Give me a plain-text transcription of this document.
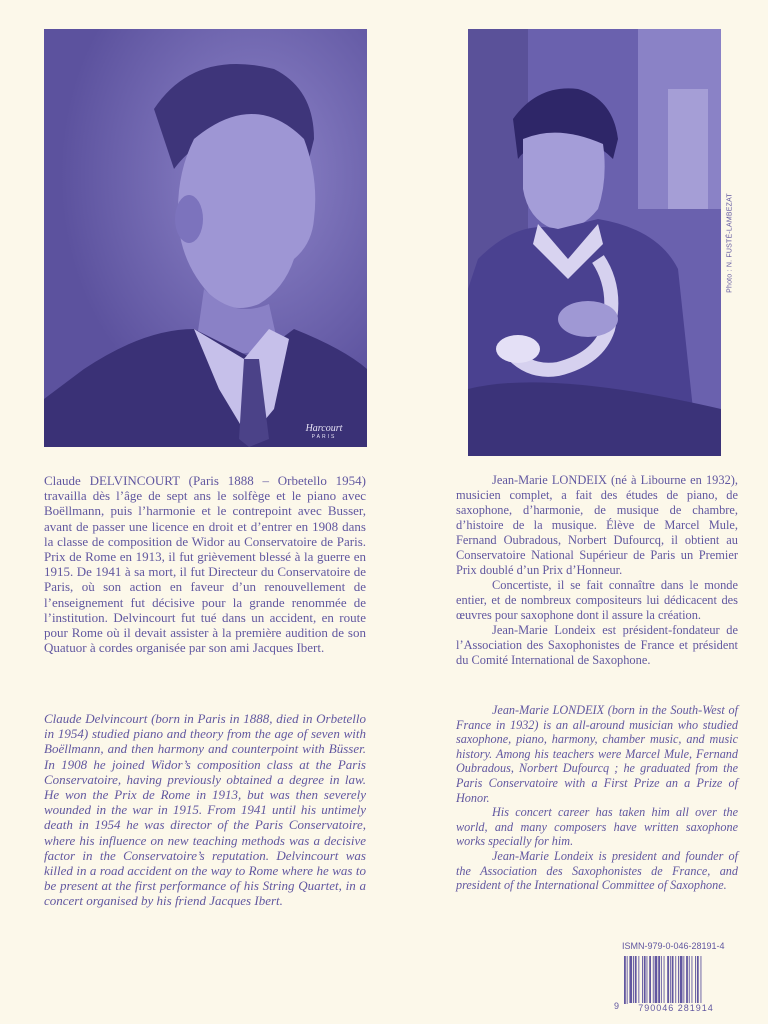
Harcourt
PARIS
Photo : N. FUSTÉ-LAMBEZAT

Claude DELVINCOURT (Paris 1888 – Orbetello 1954) travailla dès l’âge de sept ans le solfège et le piano avec Boëllmann, puis l’harmonie et le contrepoint avec Busser, avant de passer une licence en droit et d’entrer en 1908 dans la classe de composition de Widor au Conservatoire de Paris. Prix de Rome en 1913, il fut grièvement blessé à la guerre en 1915. De 1941 à sa mort, il fut Directeur du Conservatoire de Paris, où son action en faveur d’un renouvellement de l’enseignement fut décisive pour la grande renommée de l’institution. Delvincourt fut tué dans un accident, en route pour Rome où il devait assister à la première audition de son Quatuor à cordes organisée par son ami Jacques Ibert.

Claude Delvincourt (born in Paris in 1888, died in Orbetello in 1954) studied piano and theory from the age of seven with Boëllmann, and then harmony and counterpoint with Büsser. In 1908 he joined Widor’s composition class at the Paris Conservatoire, having previously obtained a degree in law. He won the Prix de Rome in 1913, but was then severely wounded in the war in 1915. From 1941 until his untimely death in 1954 he was director of the Paris Conservatoire, where his influence on new teaching methods was a decisive factor in the Conservatoire’s reputation. Delvincourt was killed in a road accident on the way to Rome where he was to be present at the first performance of his String Quartet, in a concert organised by his friend Jacques Ibert.

Jean-Marie LONDEIX (né à Libourne en 1932), musicien complet, a fait des études de piano, de saxophone, d’harmonie, de musique de chambre, d’histoire de la musique. Élève de Marcel Mule, Fernand Oubradous, Norbert Dufourcq, il obtient au Conservatoire National Supérieur de Paris un Premier Prix doublé d’un Prix d’Honneur.

Concertiste, il se fait connaître dans le monde entier, et de nombreux compositeurs lui dédicacent des œuvres pour saxophone dont il assure la création.

Jean-Marie Londeix est président-fondateur de l’Association des Saxophonistes de France et président du Comité International de Saxophone.

Jean-Marie LONDEIX (born in the South-West of France in 1932) is an all-around musician who studied saxophone, piano, harmony, chamber music, and music history. Among his teachers were Marcel Mule, Fernand Oubradous, Norbert Dufourcq ; he graduated from the Paris Conservatoire with a First Prize an a Prize of Honor.

His concert career has taken him all over the world, and many composers have written saxophone works specially for him.

Jean-Marie Londeix is president and founder of the Association des Saxophonistes de France, and president of the International Committee of Saxophone.

ISMN-979-0-046-28191-4
9	790046 281914
